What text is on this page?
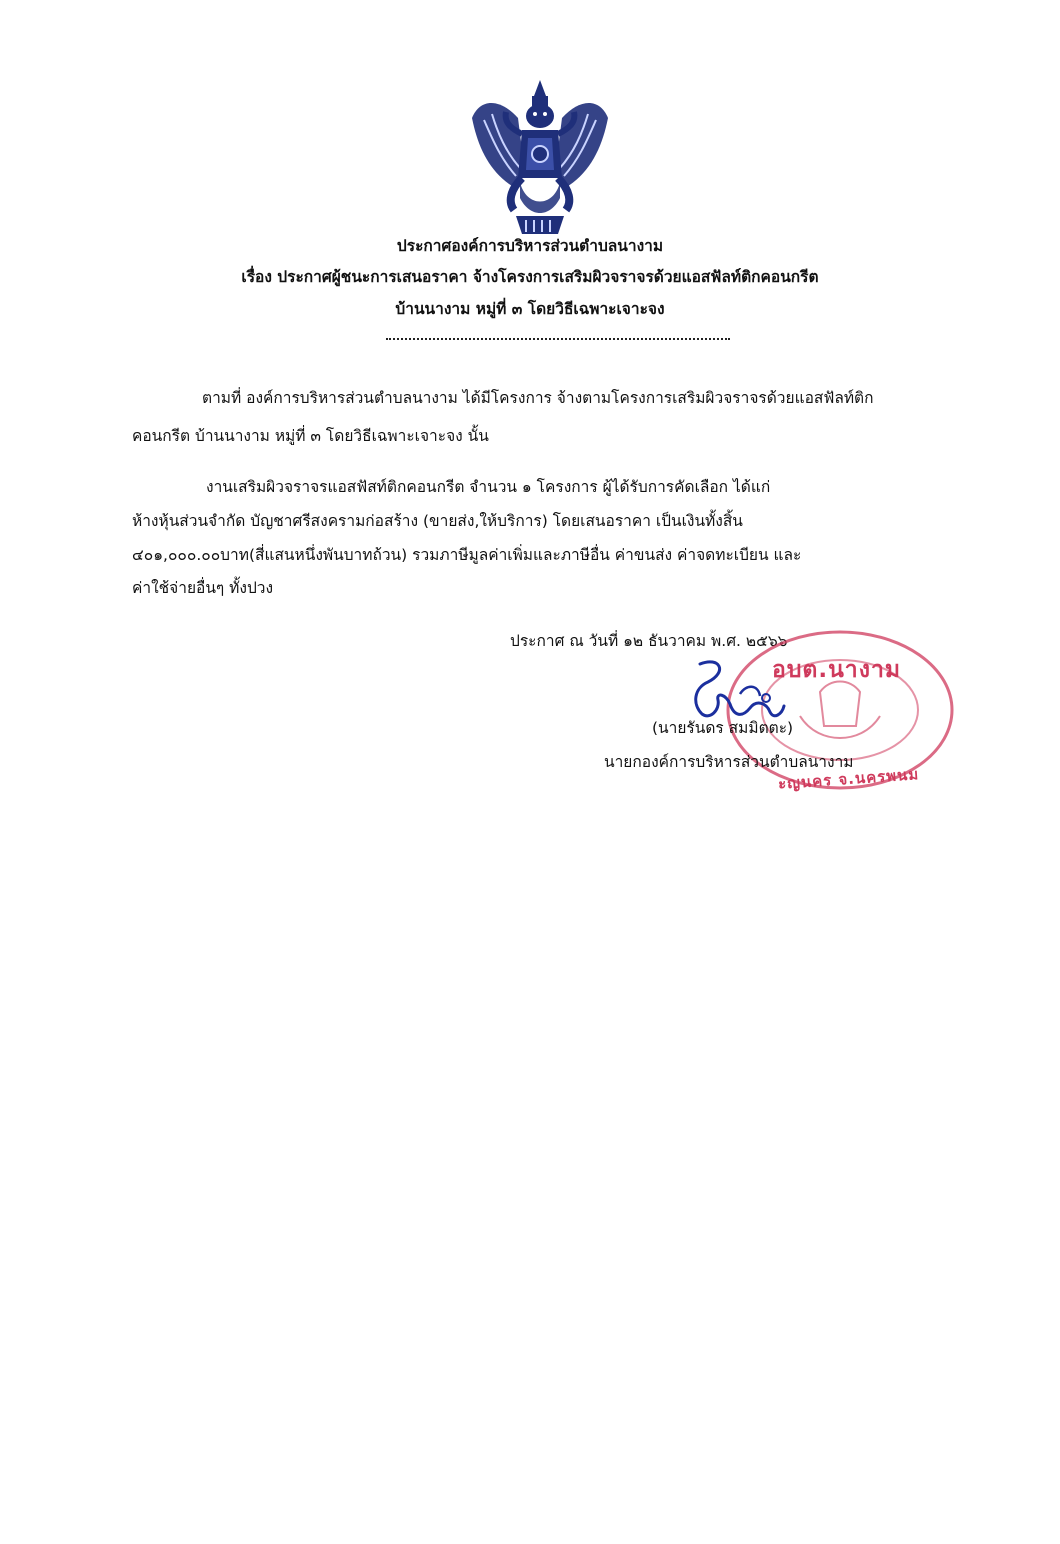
ประกาศองค์การบริหารส่วนตำบลนางาม
เรื่อง ประกาศผู้ชนะการเสนอราคา จ้างโครงการเสริมผิวจราจรด้วยแอสฟัลท์ติกคอนกรีต
บ้านนางาม หมู่ที่ ๓ โดยวิธีเฉพาะเจาะจง
ตามที่ องค์การบริหารส่วนตำบลนางาม ได้มีโครงการ จ้างตามโครงการเสริมผิวจราจรด้วยแอสฟัลท์ติก
คอนกรีต บ้านนางาม หมู่ที่ ๓ โดยวิธีเฉพาะเจาะจง นั้น
งานเสริมผิวจราจรแอสฟัสท์ติกคอนกรีต จำนวน ๑ โครงการ ผู้ได้รับการคัดเลือก ได้แก่
ห้างหุ้นส่วนจำกัด บัญชาศรีสงครามก่อสร้าง (ขายส่ง,ให้บริการ) โดยเสนอราคา เป็นเงินทั้งสิ้น
๔๐๑,๐๐๐.๐๐บาท(สี่แสนหนึ่งพันบาทถ้วน) รวมภาษีมูลค่าเพิ่มและภาษีอื่น ค่าขนส่ง ค่าจดทะเบียน และ
ค่าใช้จ่ายอื่นๆ ทั้งปวง
ประกาศ ณ วันที่ ๑๒ ธันวาคม พ.ศ. ๒๕๖๖
อบต.นางาม
ะญนคร จ.นครพนม
(นายรันดร สมมิตตะ)
นายกองค์การบริหารส่วนตำบลนางาม
